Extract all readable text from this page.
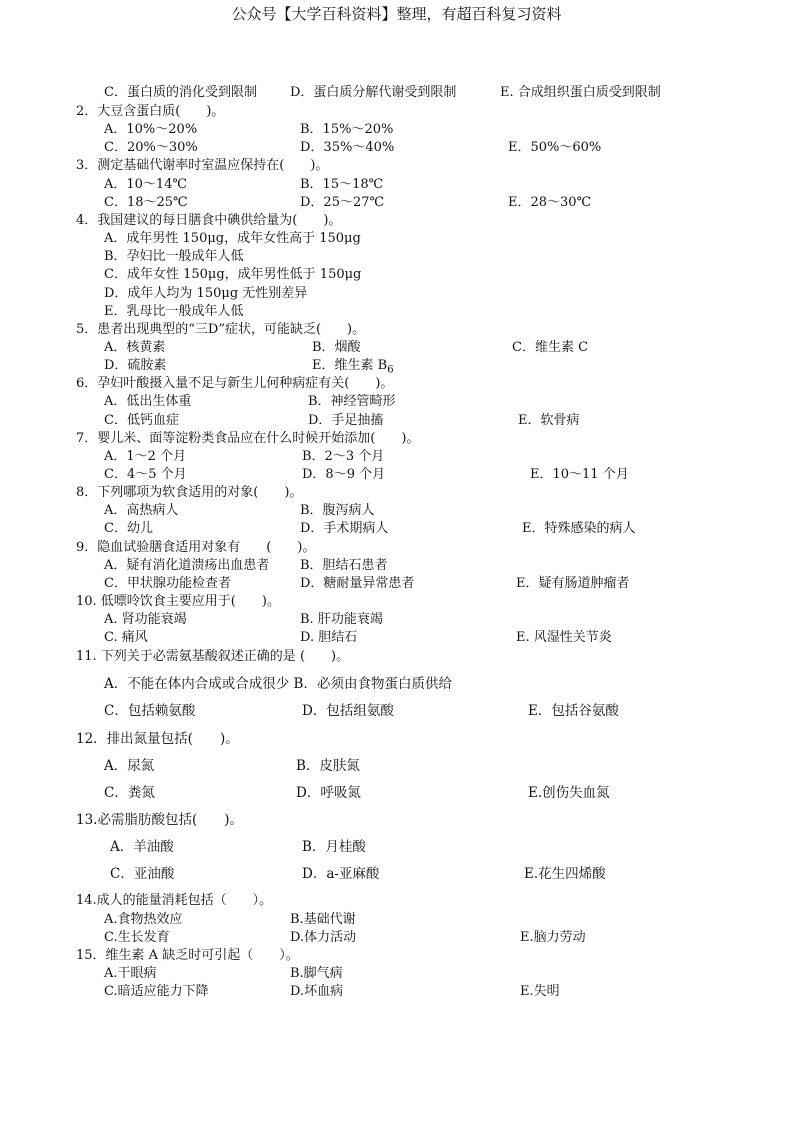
公众号【大学百科资料】整理，有超百科复习资料
C．蛋白质的消化受到限制	D．蛋白质分解代谢受到限制	E. 合成组织蛋白质受到限制
2．大豆含蛋白质(　　)。
A．10%～20%	B．15%～20%
C．20%～30%	D．35%～40%	E．50%～60%
3．测定基础代谢率时室温应保持在(　　)。
A．10～14℃	B．15～18℃
C．18～25℃	D．25～27℃	E．28～30℃
4．我国建议的每日膳食中碘供给量为(　　)。
A．成年男性 150μg，成年女性高于 150μg
B．孕妇比一般成年人低
C．成年女性 150μg，成年男性低于 150μg
D．成年人均为 150μg 无性别差异
E．乳母比一般成年人低
5．患者出现典型的“三D”症状，可能缺乏(　　)。
A．核黄素	B．烟酸	C．维生素 C
D．硫胺素	E．维生素 $B_6$
6．孕妇叶酸摄入量不足与新生儿何种病症有关(　　)。
A．低出生体重	B．神经管畸形
C．低钙血症	D．手足抽搐	E．软骨病
7．婴儿米、面等淀粉类食品应在什么时候开始添加(　　)。
A．1～2 个月	B．2～3 个月
C．4～5 个月	D．8～9 个月	E．10～11 个月
8．下列哪项为软食适用的对象(　　)。
A．高热病人	B．腹泻病人
C．幼儿	D．手术期病人	E．特殊感染的病人
9．隐血试验膳食适用对象有　　(　　)。
A．疑有消化道溃疡出血患者 B．胆结石患者
C．甲状腺功能检查者	D．糖耐量异常患者	E．疑有肠道肿瘤者
10. 低嘌呤饮食主要应用于(　　)。
A. 肾功能衰竭	B. 肝功能衰竭
C. 痛风	D. 胆结石	E. 风湿性关节炎
11. 下列关于必需氨基酸叙述正确的是 (　　)。
A．不能在体内合成或合成很少 B．必须由食物蛋白质供给
C．包括赖氨酸	D．包括组氨酸	E．包括谷氨酸
12．排出氮量包括(　　)。
A．尿氮	B．皮肤氮
C．粪氮	D．呼吸氮	E.创伤失血氮
13.必需脂肪酸包括(　　)。
A．羊油酸	B．月桂酸
C．亚油酸	D．a-亚麻酸	E.花生四烯酸
14.成人的能量消耗包括（　　）。
A.食物热效应	B.基础代谢
C.生长发育	D.体力活动	E.脑力劳动
15．维生素 A 缺乏时可引起（　　）。
A.干眼病	B.脚气病
C.暗适应能力下降	D.坏血病	E.失明
